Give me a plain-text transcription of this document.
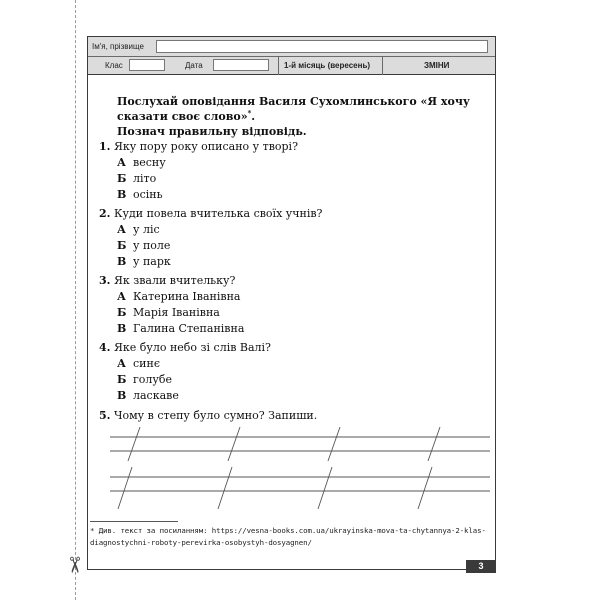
✂
Ім'я, прізвище
Клас	Дата	1-й місяць (вересень)	ЗМІНИ
Послухай оповідання Василя Сухомлинського «Я хочу сказати своє слово»*.
Познач правильну відповідь.
1. Яку пору року описано у творі?
А весну
Б літо
В осінь
2. Куди повела вчителька своїх учнів?
А у ліс
Б у поле
В у парк
3. Як звали вчительку?
А Катерина Іванівна
Б Марія Іванівна
В Галина Степанівна
4. Яке було небо зі слів Валі?
А синє
Б голубе
В ласкаве
5. Чому в степу було сумно? Запиши.
* Див. текст за посиланням: https://vesna-books.com.ua/ukrayinska-mova-ta-chytannya-2-klas-diagnostychni-roboty-perevirka-osobystyh-dosyagnen/
3
